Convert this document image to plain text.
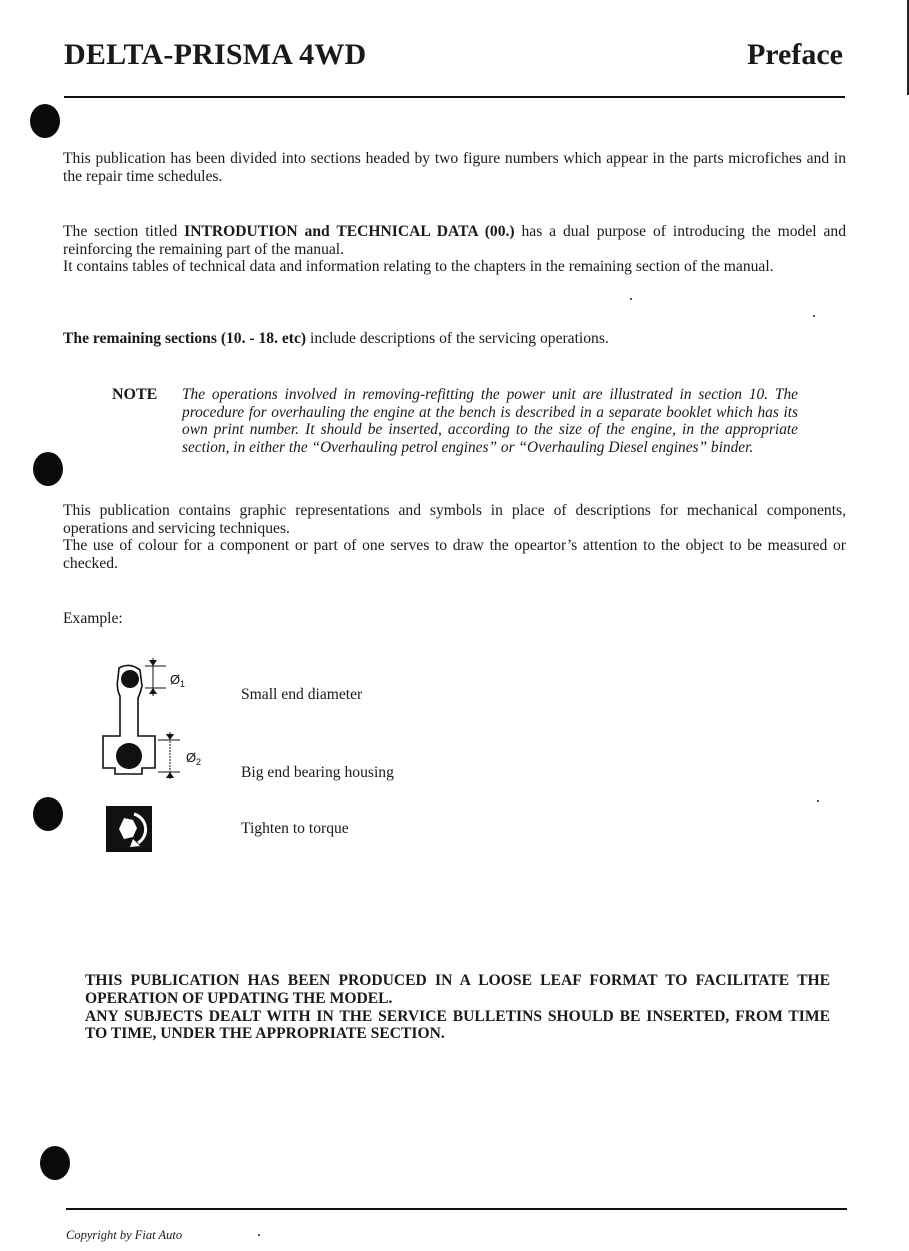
DELTA-PRISMA 4WD	Preface

This publication has been divided into sections headed by two figure numbers which appear in the parts microfiches and in the repair time schedules.

The section titled INTRODUTION and TECHNICAL DATA (00.) has a dual purpose of introducing the model and reinforcing the remaining part of the manual.

It contains tables of technical data and information relating to the chapters in the remaining section of the manual.

The remaining sections (10. - 18. etc) include descriptions of the servicing operations.

NOTE The operations involved in removing-refitting the power unit are illustrated in section 10. The procedure for overhauling the engine at the bench is described in a separate booklet which has its own print number. It should be inserted, according to the size of the engine, in the appropriate section, in either the “Overhauling petrol engines” or “Overhauling Diesel engines” binder.

This publication contains graphic representations and symbols in place of descriptions for mechanical components, operations and servicing techniques.

The use of colour for a component or part of one serves to draw the opeartor’s attention to the object to be measured or checked.

Example:
Ø 1
Ø 2
Small end diameter
Big end bearing housing
Tighten to torque

THIS PUBLICATION HAS BEEN PRODUCED IN A LOOSE LEAF FORMAT TO FACILITATE THE OPERATION OF UPDATING THE MODEL.

ANY SUBJECTS DEALT WITH IN THE SERVICE BULLETINS SHOULD BE INSERTED, FROM TIME TO TIME, UNDER THE APPROPRIATE SECTION.

Copyright by Fiat Auto
